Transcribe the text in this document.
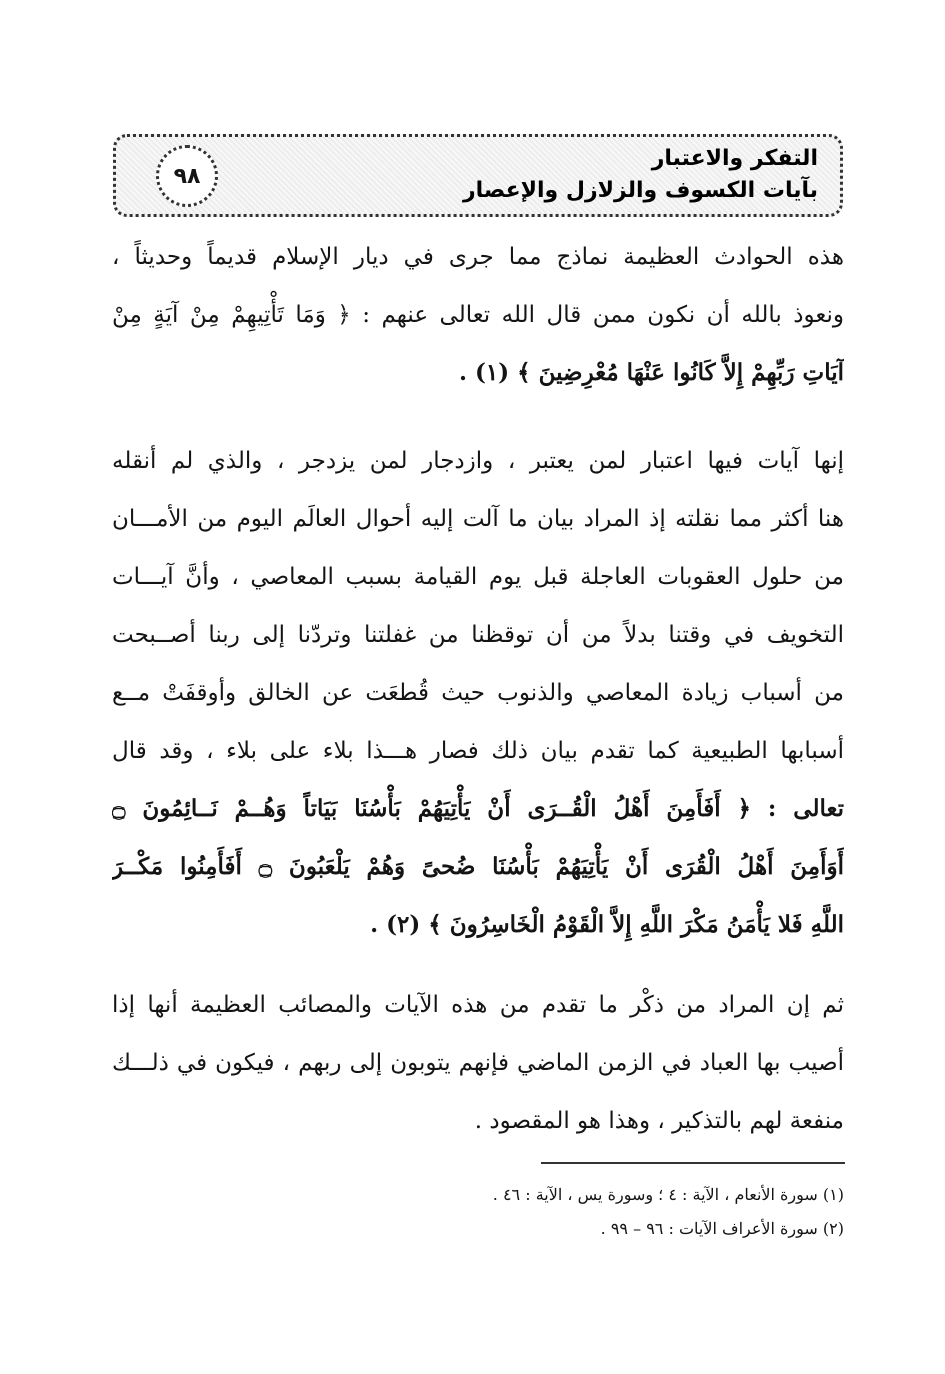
٩٨
التفكر والاعتبار
بآيات الكسوف والزلازل والإعصار
هذه الحوادث العظيمة نماذج مما جرى في ديار الإسلام قديماً وحديثاً ،
ونعوذ بالله أن نكون ممن قال الله تعالى عنهم : ﴿ وَمَا تَأْتِيهِمْ مِنْ آيَةٍ مِنْ
آيَاتِ رَبِّهِمْ إِلاَّ كَانُوا عَنْهَا مُعْرِضِينَ ﴾ (١) .
إنها آيات فيها اعتبار لمن يعتبر ، وازدجار لمن يزدجر ، والذي لم أنقله
هنا أكثر مما نقلته إذ المراد بيان ما آلت إليه أحوال العالَم اليوم من الأمـــان
من حلول العقوبات العاجلة قبل يوم القيامة بسبب المعاصي ، وأنَّ آيـــات
التخويف في وقتنا بدلاً من أن توقظنا من غفلتنا وتردّنا إلى ربنا أصــبحت
من أسباب زيادة المعاصي والذنوب حيث قُطعَت عن الخالق وأوقفَتْ مــع
أسبابها الطبيعية كما تقدم بيان ذلك فصار هـــذا بلاء على بلاء ، وقد قال
تعالى : ﴿ أَفَأَمِنَ أَهْلُ الْقُــرَى أَنْ يَأْتِيَهُمْ بَأْسُنَا بَيَاتاً وَهُــمْ نَــائِمُونَ ۝
أَوَأَمِنَ أَهْلُ الْقُرَى أَنْ يَأْتِيَهُمْ بَأْسُنَا ضُحىً وَهُمْ يَلْعَبُونَ ۝ أَفَأَمِنُوا مَكْــرَ
اللَّهِ فَلا يَأْمَنُ مَكْرَ اللَّهِ إِلاَّ الْقَوْمُ الْخَاسِرُونَ ﴾ (٢) .
ثم إن المراد من ذكْر ما تقدم من هذه الآيات والمصائب العظيمة أنها إذا
أصيب بها العباد في الزمن الماضي فإنهم يتوبون إلى ربهم ، فيكون في ذلـــك
منفعة لهم بالتذكير ، وهذا هو المقصود .
(١) سورة الأنعام ، الآية : ٤ ؛ وسورة يس ، الآية : ٤٦ .
(٢) سورة الأعراف الآيات : ٩٦ – ٩٩ .
